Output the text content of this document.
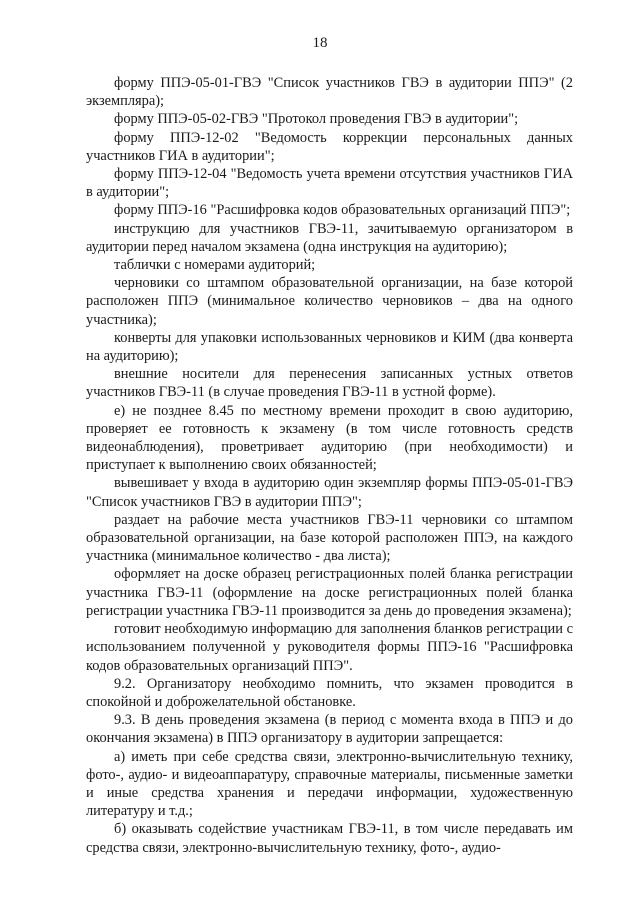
18

форму ППЭ-05-01-ГВЭ "Список участников ГВЭ в аудитории ППЭ" (2 экземпляра);

форму ППЭ-05-02-ГВЭ "Протокол проведения ГВЭ в аудитории";

форму ППЭ-12-02 "Ведомость коррекции персональных данных участников ГИА в аудитории";

форму ППЭ-12-04 "Ведомость учета времени отсутствия участников ГИА в аудитории";

форму ППЭ-16 "Расшифровка кодов образовательных организаций ППЭ";

инструкцию для участников ГВЭ-11, зачитываемую организатором в аудитории перед началом экзамена (одна инструкция на аудиторию);

таблички с номерами аудиторий;

черновики со штампом образовательной организации, на базе которой расположен ППЭ (минимальное количество черновиков – два на одного участника);

конверты для упаковки использованных черновиков и КИМ (два конверта на аудиторию);

внешние носители для перенесения записанных устных ответов участников ГВЭ-11 (в случае проведения ГВЭ-11 в устной форме).

е) не позднее 8.45 по местному времени проходит в свою аудиторию, проверяет ее готовность к экзамену (в том числе готовность средств видеонаблюдения), проветривает аудиторию (при необходимости) и приступает к выполнению своих обязанностей;

вывешивает у входа в аудиторию один экземпляр формы ППЭ-05-01-ГВЭ "Список участников ГВЭ в аудитории ППЭ";

раздает на рабочие места участников ГВЭ-11 черновики со штампом образовательной организации, на базе которой расположен ППЭ, на каждого участника (минимальное количество - два листа);

оформляет на доске образец регистрационных полей бланка регистрации участника ГВЭ-11 (оформление на доске регистрационных полей бланка регистрации участника ГВЭ-11 производится за день до проведения экзамена);

готовит необходимую информацию для заполнения бланков регистрации с использованием полученной у руководителя формы ППЭ-16 "Расшифровка кодов образовательных организаций ППЭ".

9.2. Организатору необходимо помнить, что экзамен проводится в спокойной и доброжелательной обстановке.

9.3. В день проведения экзамена (в период с момента входа в ППЭ и до окончания экзамена) в ППЭ организатору в аудитории запрещается:

а) иметь при себе средства связи, электронно-вычислительную технику, фото-, аудио- и видеоаппаратуру, справочные материалы, письменные заметки и иные средства хранения и передачи информации, художественную литературу и т.д.;

б) оказывать содействие участникам ГВЭ-11, в том числе передавать им средства связи, электронно-вычислительную технику, фото-, аудио-
